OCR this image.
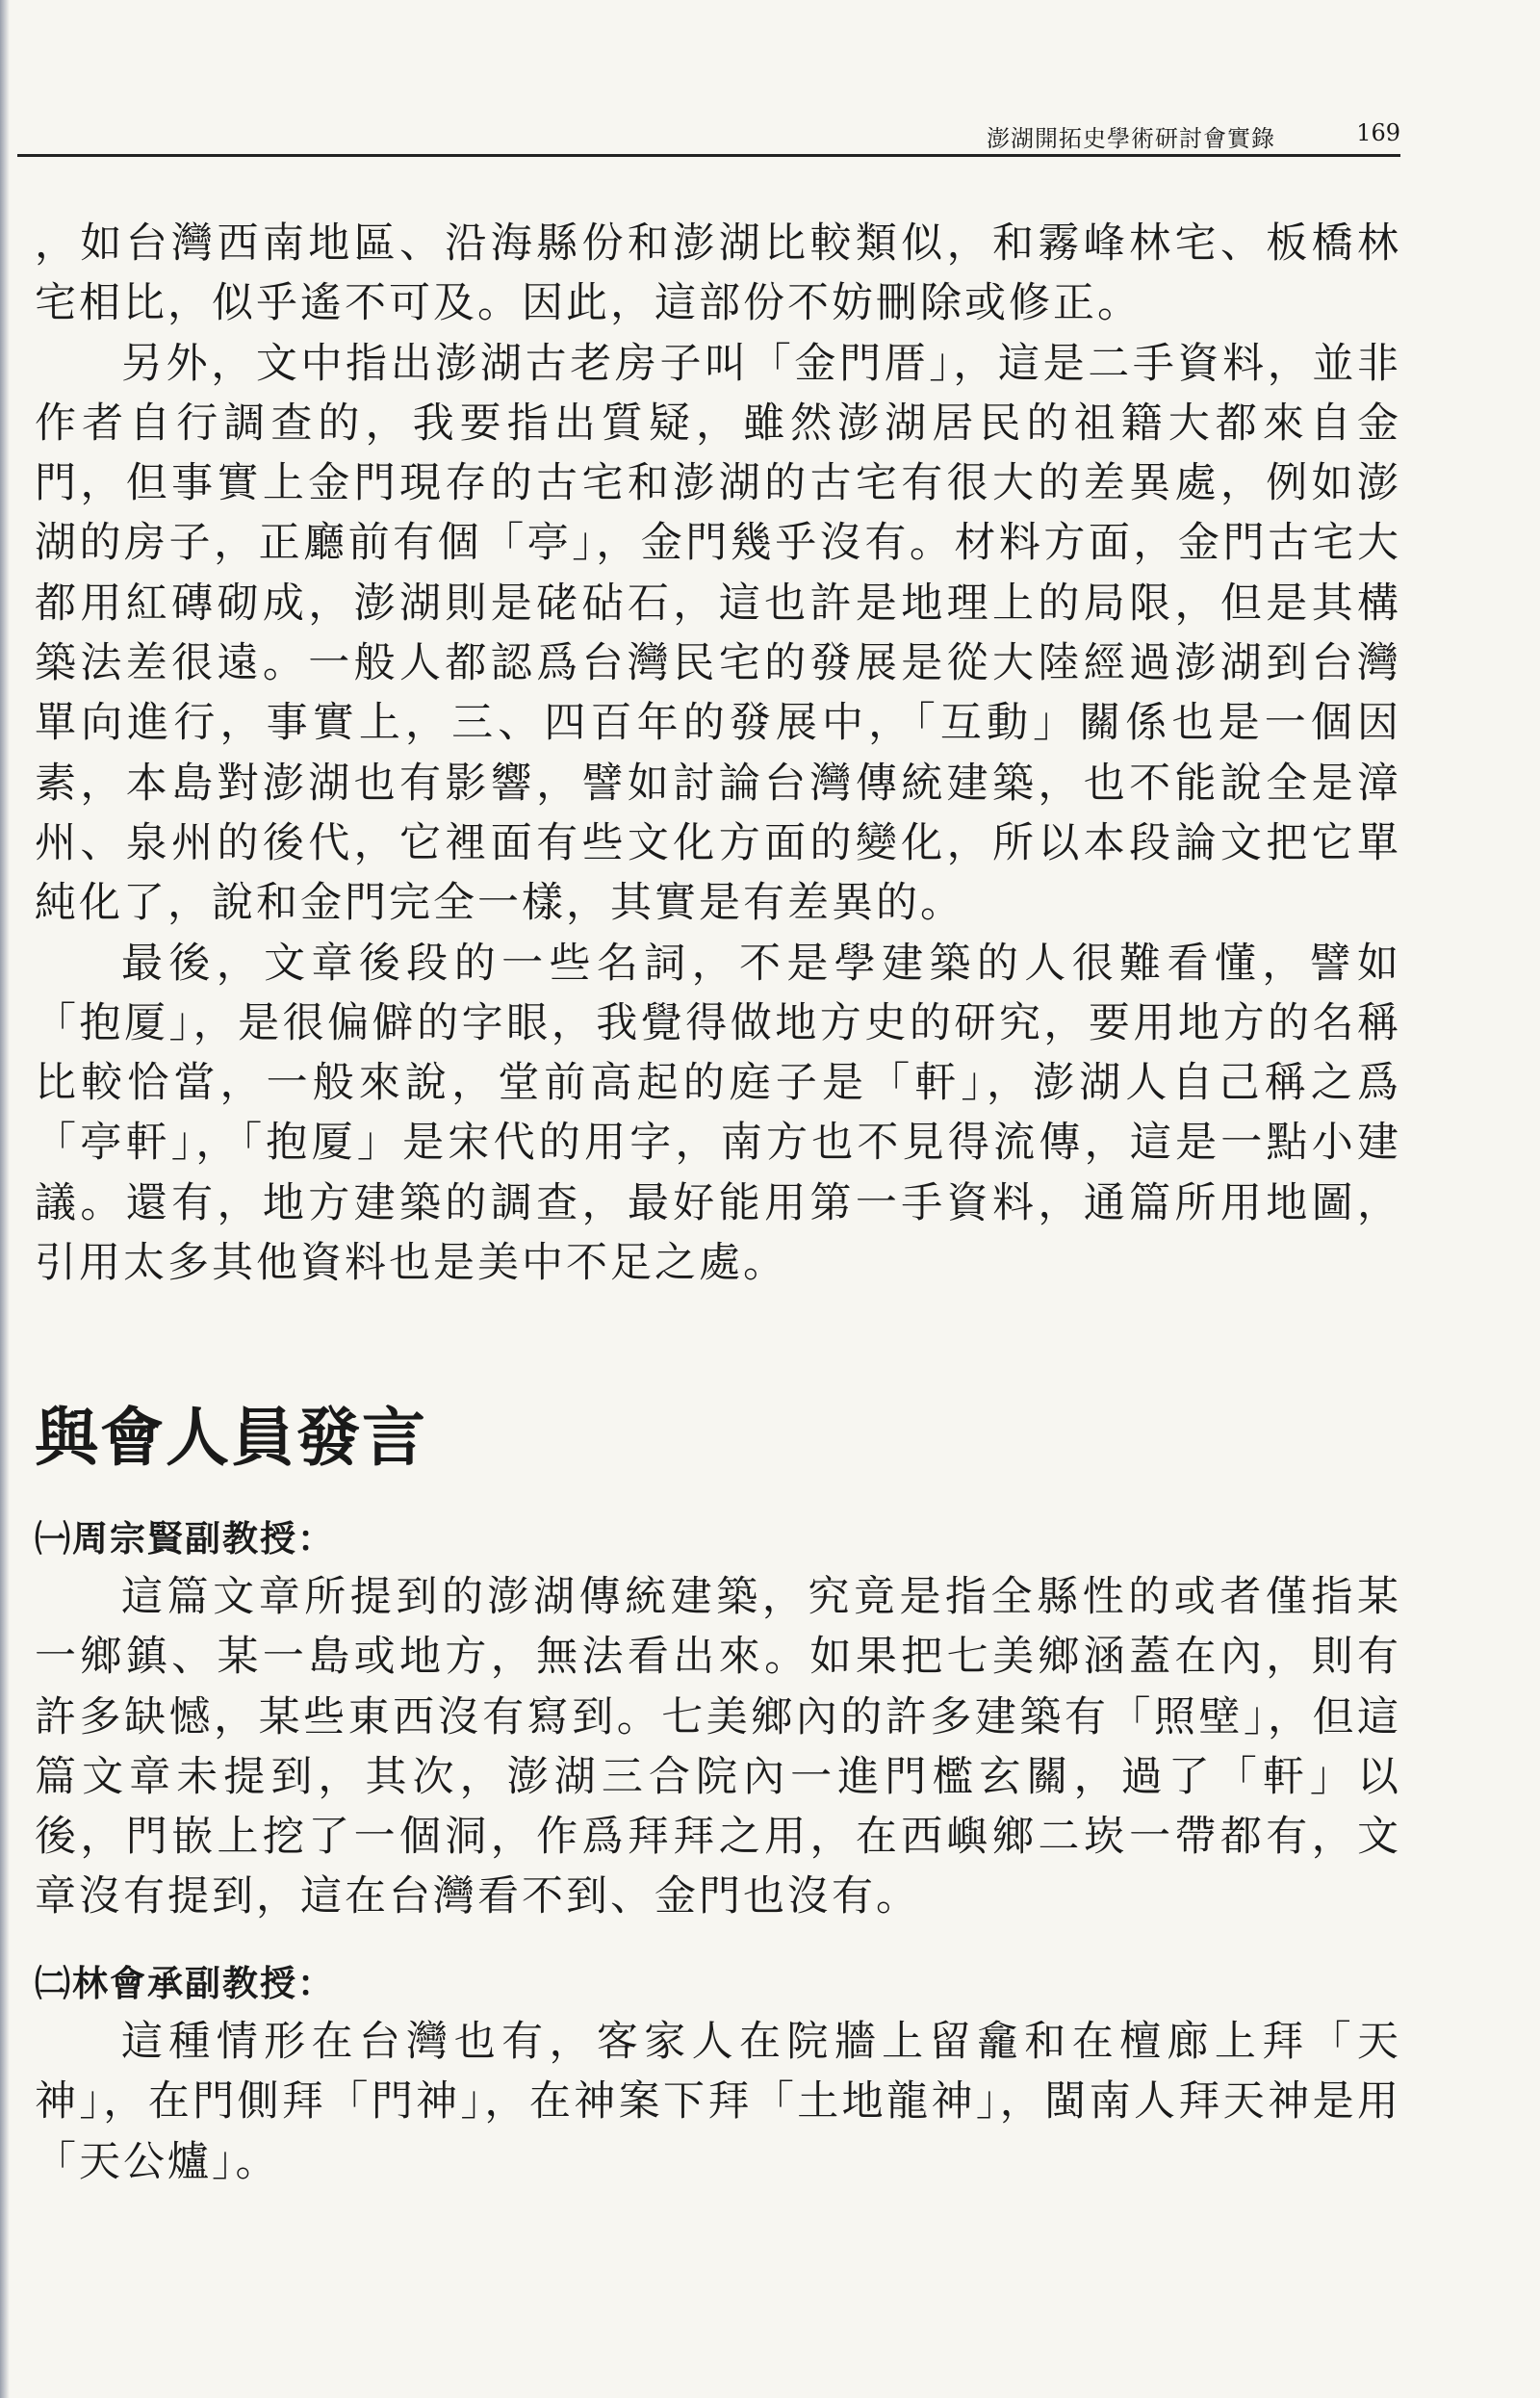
澎湖開拓史學術研討會實錄	169

，如台灣西南地區、沿海縣份和澎湖比較類似，和霧峰林宅、板橋林宅相比，似乎遙不可及。因此，這部份不妨刪除或修正。

另外，文中指出澎湖古老房子叫「金門厝」，這是二手資料，並非作者自行調查的，我要指出質疑，雖然澎湖居民的祖籍大都來自金門，但事實上金門現存的古宅和澎湖的古宅有很大的差異處，例如澎湖的房子，正廳前有個「亭」，金門幾乎沒有。材料方面，金門古宅大都用紅磚砌成，澎湖則是硓砧石，這也許是地理上的局限，但是其構築法差很遠。一般人都認爲台灣民宅的發展是從大陸經過澎湖到台灣單向進行，事實上，三、四百年的發展中，「互動」關係也是一個因素，本島對澎湖也有影響，譬如討論台灣傳統建築，也不能說全是漳州、泉州的後代，它裡面有些文化方面的變化，所以本段論文把它單純化了，說和金門完全一樣，其實是有差異的。

最後，文章後段的一些名詞，不是學建築的人很難看懂，譬如「抱厦」，是很偏僻的字眼，我覺得做地方史的研究，要用地方的名稱比較恰當，一般來說，堂前高起的庭子是「軒」，澎湖人自己稱之爲「亭軒」，「抱厦」是宋代的用字，南方也不見得流傳，這是一點小建議。還有，地方建築的調查，最好能用第一手資料，通篇所用地圖，引用太多其他資料也是美中不足之處。

與會人員發言
㈠周宗賢副教授：

這篇文章所提到的澎湖傳統建築，究竟是指全縣性的或者僅指某一鄉鎮、某一島或地方，無法看出來。如果把七美鄉涵蓋在內，則有許多缺憾，某些東西沒有寫到。七美鄉內的許多建築有「照壁」，但這篇文章未提到，其次，澎湖三合院內一進門檻玄關，過了「軒」以後，門嵌上挖了一個洞，作爲拜拜之用，在西嶼鄉二崁一帶都有，文章沒有提到，這在台灣看不到、金門也沒有。

㈡林會承副教授：

這種情形在台灣也有，客家人在院牆上留龕和在檀廊上拜「天神」，在門側拜「門神」，在神案下拜「土地龍神」，閩南人拜天神是用「天公爐」。
